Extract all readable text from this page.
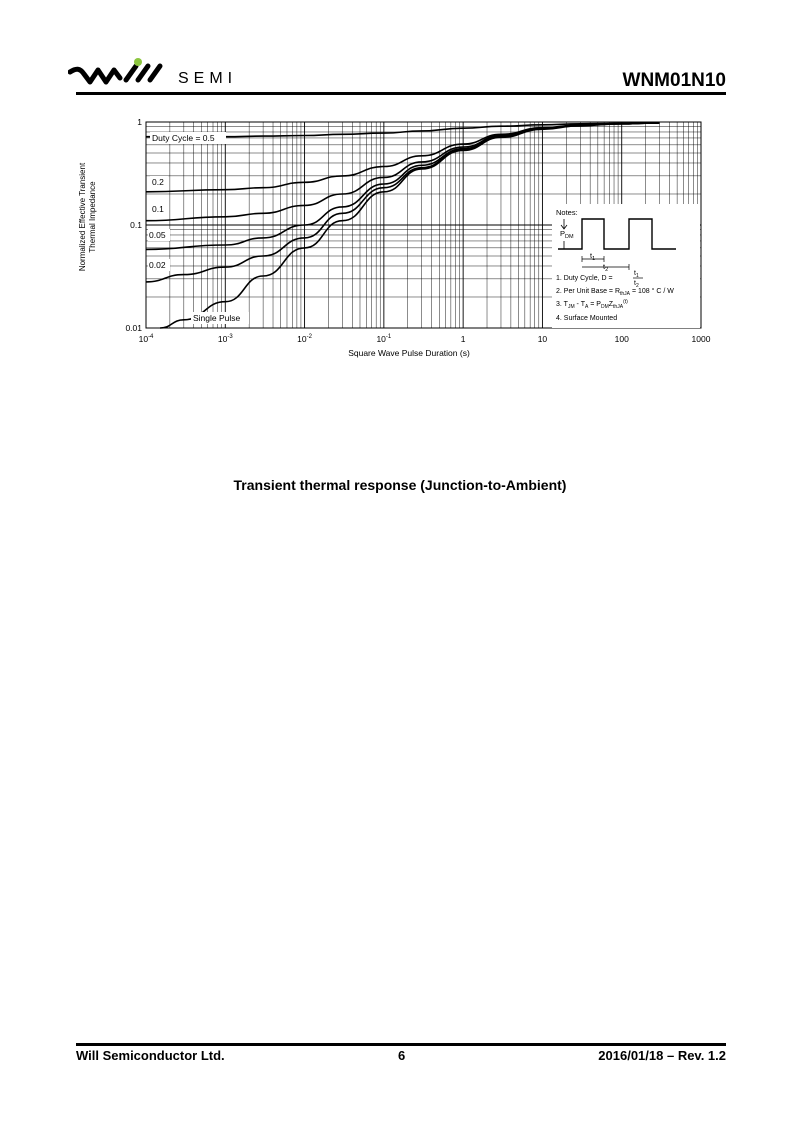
SEMI	WNM01N10
$10^{-4}$	$10^{-3}$	$10^{-2}$	$10^{-1}$	1	10	100	1000
1
0.1
0.01
Square Wave Pulse Duration (s)
Normalized Effective Transient Thermal Impedance
Duty Cycle = 0.5
0.2
0.1
0.05
0.02
Single Pulse
Notes:
$P_{DM}$
$t_1$
$t_2$
1. Duty Cycle, D =
$t_1$
$t_2$
2. Per Unit Base = $R_{thJA} = 108$ ° C / W
3. $T_{JM} - T_A = P_{DM}Z_{thJA}^{(t)}$
4. Surface Mounted
Transient thermal response (Junction-to-Ambient)
Will Semiconductor Ltd.	6	2016/01/18 – Rev. 1.2
